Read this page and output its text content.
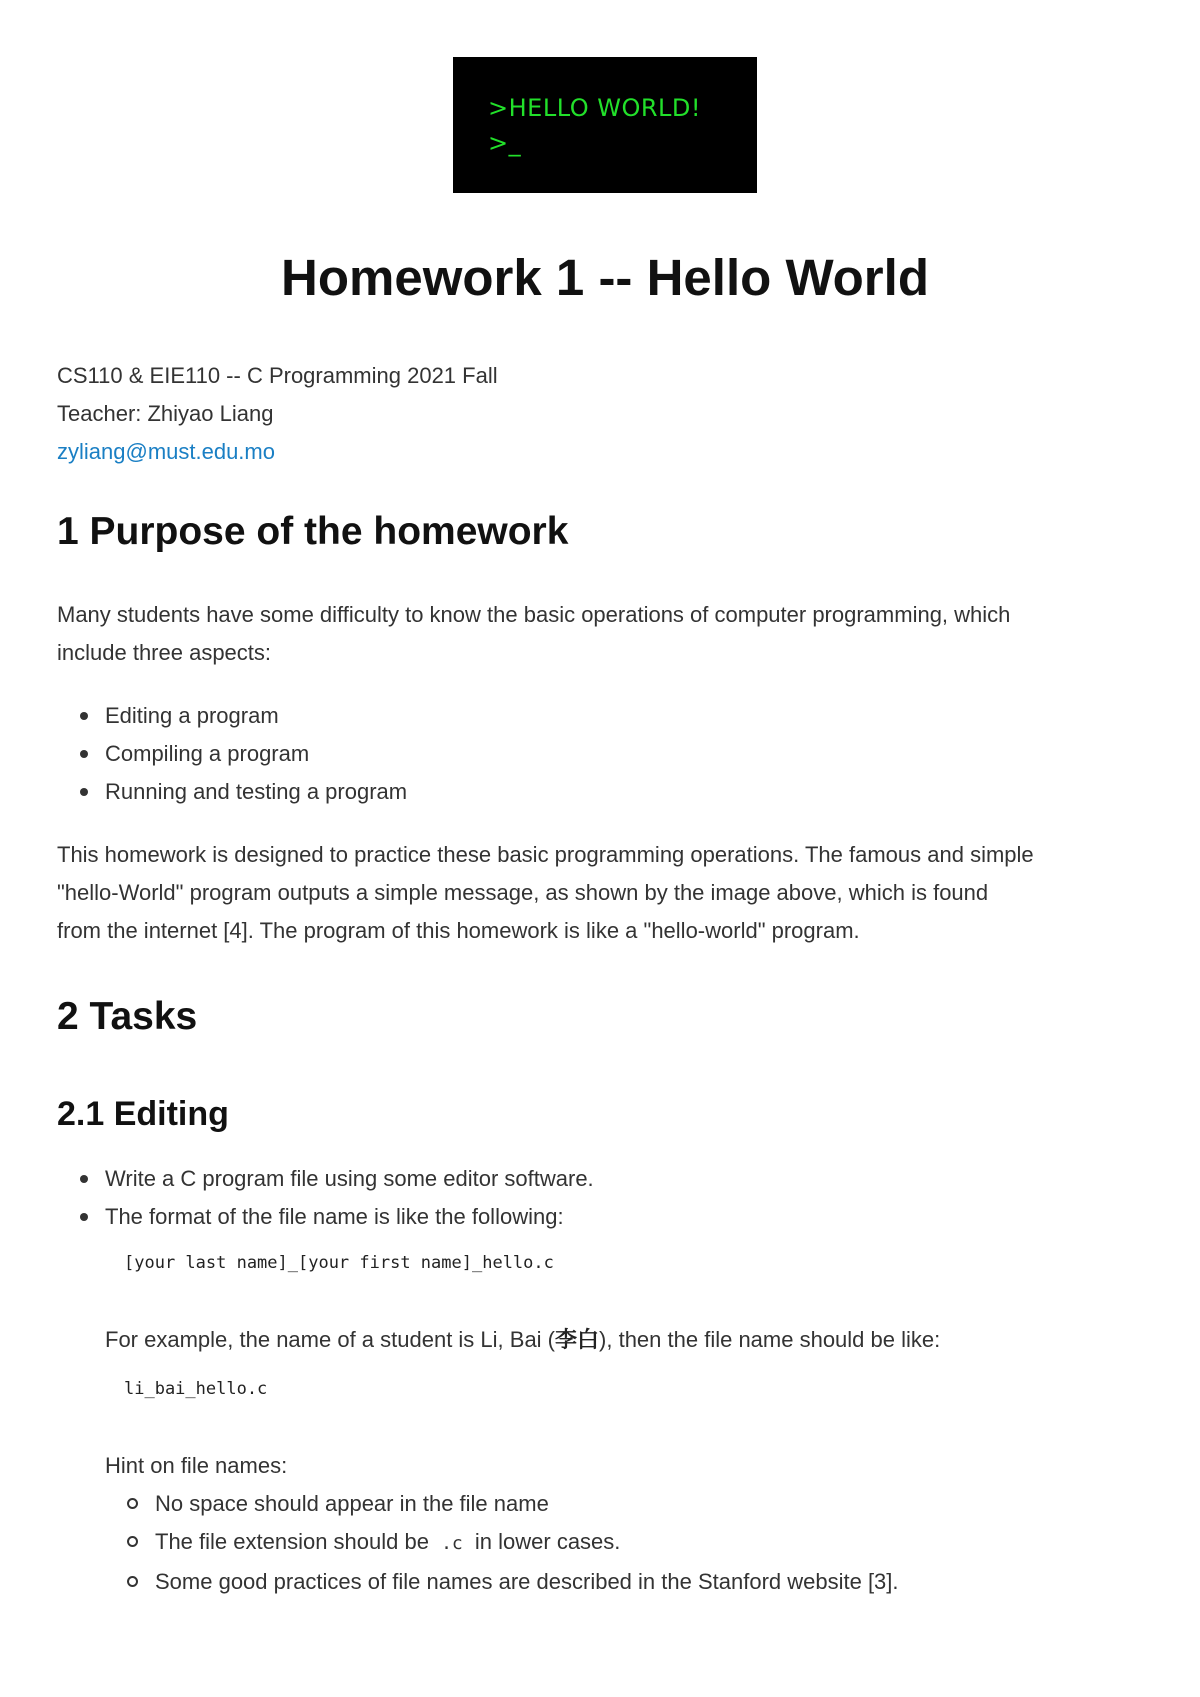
>HELLO WORLD!
>_
Homework 1 -- Hello World
CS110 & EIE110 -- C Programming 2021 Fall
Teacher: Zhiyao Liang
zyliang@must.edu.mo
1 Purpose of the homework
Many students have some difficulty to know the basic operations of computer programming, which
include three aspects:
Editing a program
Compiling a program
Running and testing a program
This homework is designed to practice these basic programming operations. The famous and simple
"hello-World" program outputs a simple message, as shown by the image above, which is found
from the internet [4]. The program of this homework is like a "hello-world" program.
2 Tasks
2.1 Editing
Write a C program file using some editor software.
The format of the file name is like the following:
[your last name]_[your first name]_hello.c
For example, the name of a student is Li, Bai (李白), then the file name should be like:
li_bai_hello.c
Hint on file names:
No space should appear in the file name
The file extension should be .c in lower cases.
Some good practices of file names are described in the Stanford website [3].
